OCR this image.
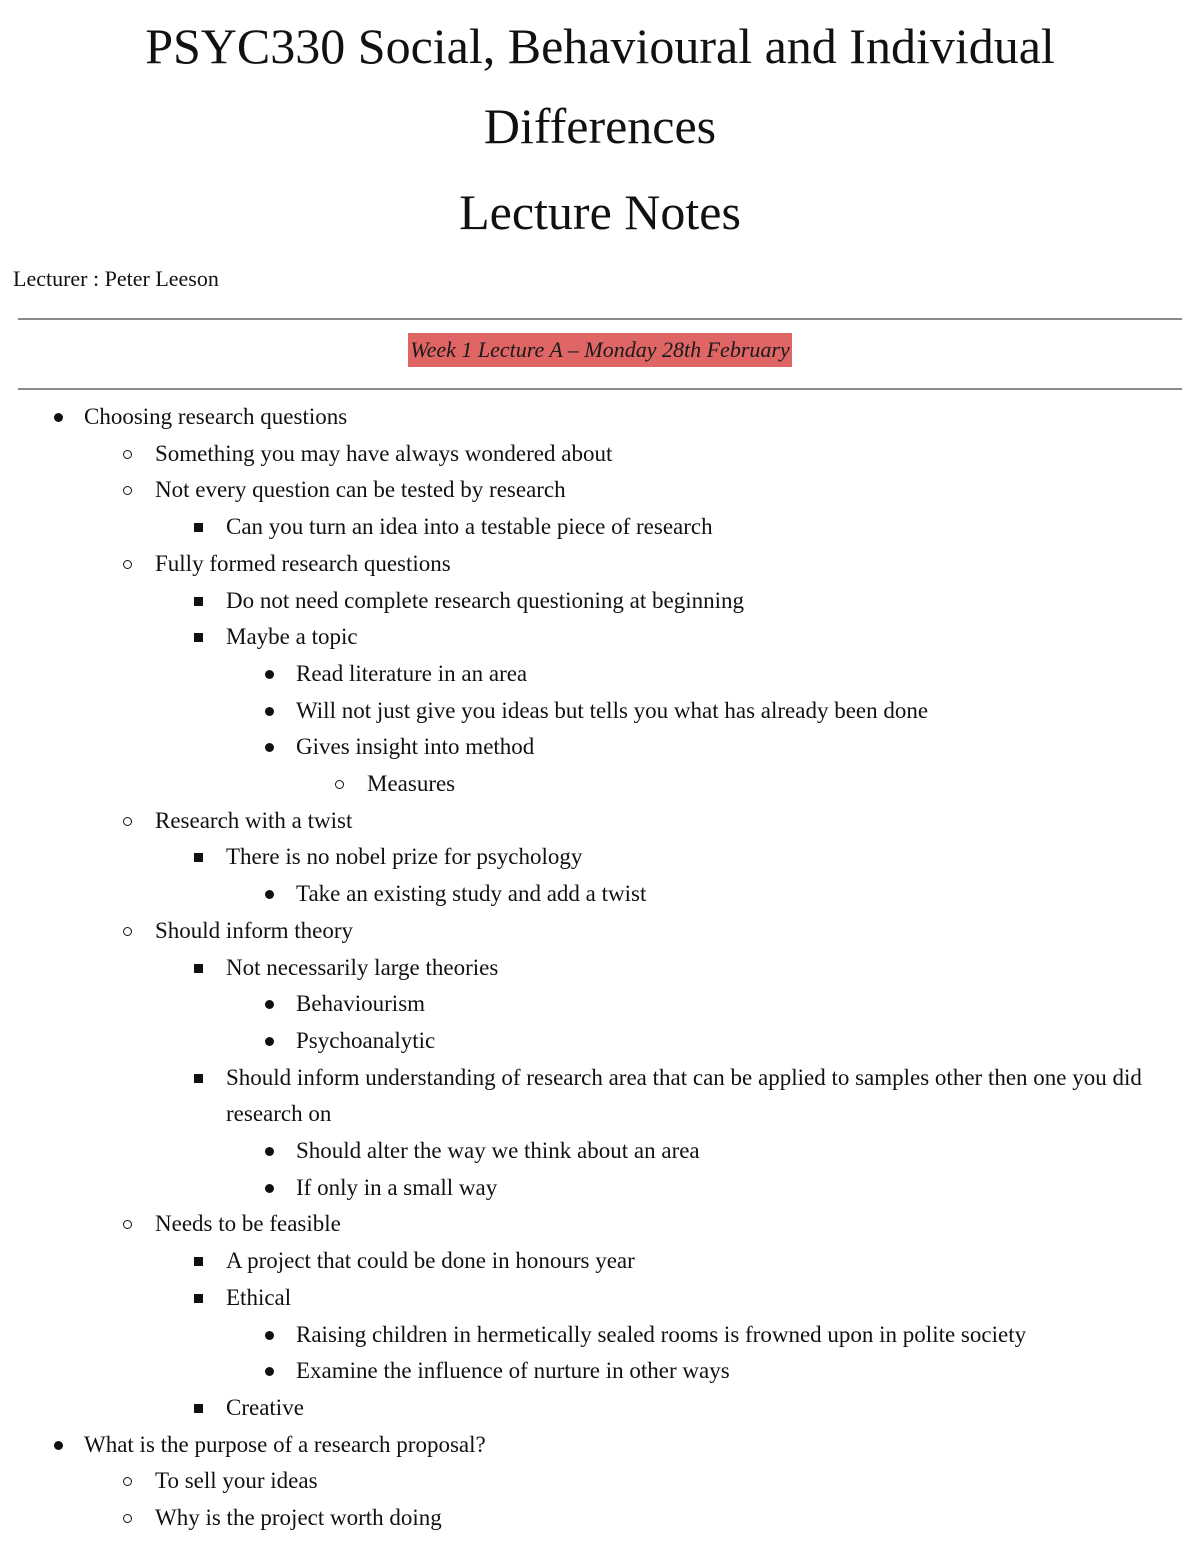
PSYC330 Social, Behavioural and Individual
Differences
Lecture Notes
Lecturer : Peter Leeson
Week 1 Lecture A – Monday 28th February
Choosing research questions
Something you may have always wondered about
Not every question can be tested by research
Can you turn an idea into a testable piece of research
Fully formed research questions
Do not need complete research questioning at beginning
Maybe a topic
Read literature in an area
Will not just give you ideas but tells you what has already been done
Gives insight into method
Measures
Research with a twist
There is no nobel prize for psychology
Take an existing study and add a twist
Should inform theory
Not necessarily large theories
Behaviourism
Psychoanalytic
Should inform understanding of research area that can be applied to samples other then one you did research on
Should alter the way we think about an area
If only in a small way
Needs to be feasible
A project that could be done in honours year
Ethical
Raising children in hermetically sealed rooms is frowned upon in polite society
Examine the influence of nurture in other ways
Creative
What is the purpose of a research proposal?
To sell your ideas
Why is the project worth doing
